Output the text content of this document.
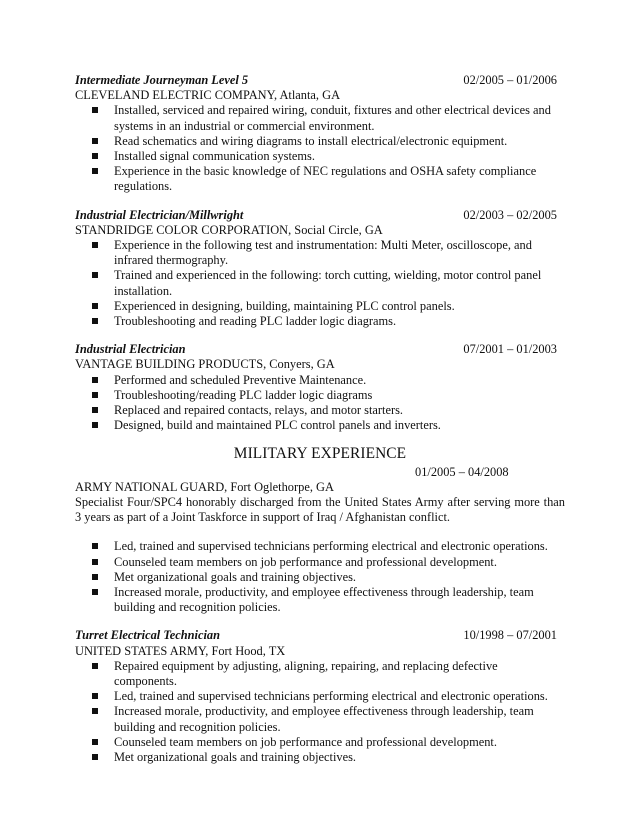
Intermediate Journeyman Level 5	02/2005 – 01/2006
CLEVELAND ELECTRIC COMPANY, Atlanta, GA
Installed, serviced and repaired wiring, conduit, fixtures and other electrical devices and systems in an industrial or commercial environment.
Read schematics and wiring diagrams to install electrical/electronic equipment.
Installed signal communication systems.
Experience in the basic knowledge of NEC regulations and OSHA safety compliance regulations.
Industrial Electrician/Millwright	02/2003 – 02/2005
STANDRIDGE COLOR CORPORATION, Social Circle, GA
Experience in the following test and instrumentation: Multi Meter, oscilloscope, and infrared thermography.
Trained and experienced in the following: torch cutting, wielding, motor control panel installation.
Experienced in designing, building, maintaining PLC control panels.
Troubleshooting and reading PLC ladder logic diagrams.
Industrial Electrician	07/2001 – 01/2003
VANTAGE BUILDING PRODUCTS, Conyers, GA
Performed and scheduled Preventive Maintenance.
Troubleshooting/reading PLC ladder logic diagrams
Replaced and repaired contacts, relays, and motor starters.
Designed, build and maintained PLC control panels and inverters.
MILITARY EXPERIENCE
01/2005 – 04/2008
ARMY NATIONAL GUARD, Fort Oglethorpe, GA
Specialist Four/SPC4 honorably discharged from the United States Army after serving more than 3 years as part of a Joint Taskforce in support of Iraq / Afghanistan conflict.
Led, trained and supervised technicians performing electrical and electronic operations.
Counseled team members on job performance and professional development.
Met organizational goals and training objectives.
Increased morale, productivity, and employee effectiveness through leadership, team building and recognition policies.
Turret Electrical Technician	10/1998 – 07/2001
UNITED STATES ARMY, Fort Hood, TX
Repaired equipment by adjusting, aligning, repairing, and replacing defective components.
Led, trained and supervised technicians performing electrical and electronic operations.
Increased morale, productivity, and employee effectiveness through leadership, team building and recognition policies.
Counseled team members on job performance and professional development.
Met organizational goals and training objectives.
